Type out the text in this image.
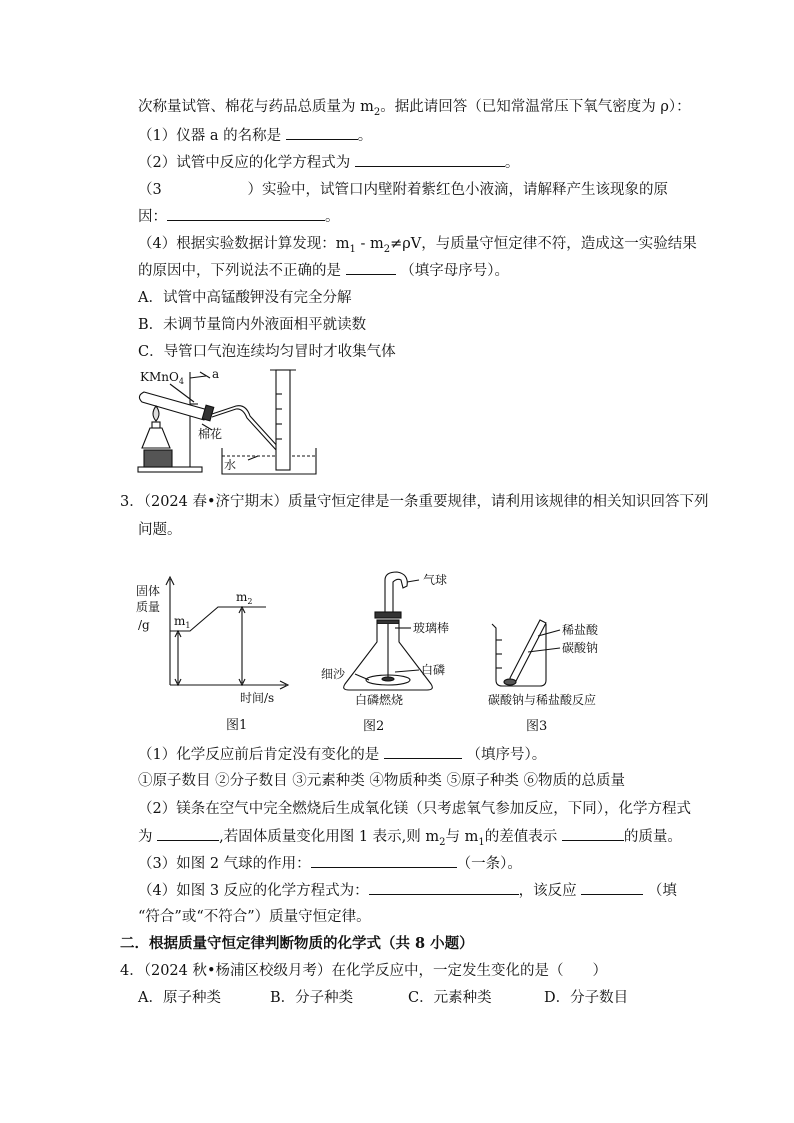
次称量试管、棉花与药品总质量为 $m_2$。据此请回答（已知常温常压下氧气密度为 ρ）：
（1）仪器 a 的名称是	。
（2）试管中反应的化学方程式为	。
（3	）实验中，试管口内壁附着紫红色小液滴，请解释产生该现象的原
因：	。
（4）根据实验数据计算发现：$m_1 - m_2\ne\rho V$，与质量守恒定律不符，造成这一实验结果
的原因中，下列说法不正确的是	（填字母序号）。
A．试管中高锰酸钾没有完全分解
B．未调节量筒内外液面相平就读数
C．导管口气泡连续均匀冒时才收集气体
KMnO$_4$
a
棉花
水
3．（2024 春•济宁期末）质量守恒定律是一条重要规律，请利用该规律的相关知识回答下列
问题。
固体
质量
/g $m_1$
$m_2$
时间/s
图1
气球
玻璃棒
细沙	白磷
白磷燃烧
图2
稀盐酸
碳酸钠
碳酸钠与稀盐酸反应
图3
（1）化学反应前后肯定没有变化的是	（填序号）。
①原子数目 ②分子数目 ③元素种类 ④物质种类 ⑤原子种类 ⑥物质的总质量
（2）镁条在空气中完全燃烧后生成氧化镁（只考虑氧气参加反应，下同），化学方程式
为	,若固体质量变化用图 1 表示,则 $m_2$与 $m_1$的差值表示	的质量。
（3）如图 2 气球的作用：	（一条）。
（4）如图 3 反应的化学方程式为：	，该反应	（填
“符合”或“不符合”）质量守恒定律。
二．根据质量守恒定律判断物质的化学式（共 8 小题）
4．（2024 秋•杨浦区校级月考）在化学反应中，一定发生变化的是（　　）
A．原子种类	B．分子种类	C．元素种类	D．分子数目
